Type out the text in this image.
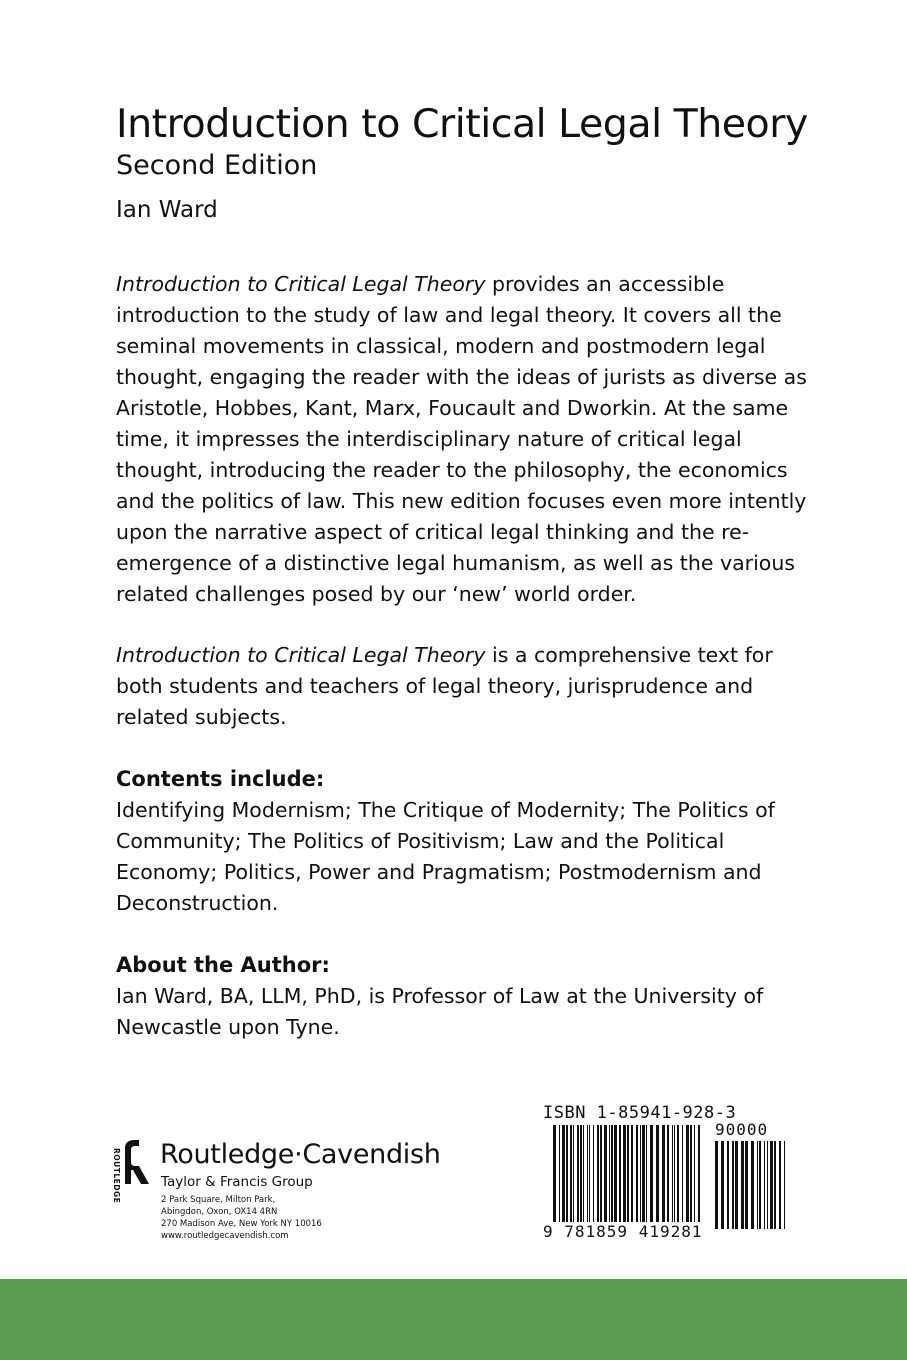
Introduction to Critical Legal Theory
Second Edition
Ian Ward

Introduction to Critical Legal Theory provides an accessible introduction to the study of law and legal theory. It covers all the seminal movements in classical, modern and postmodern legal thought, engaging the reader with the ideas of jurists as diverse as Aristotle, Hobbes, Kant, Marx, Foucault and Dworkin. At the same time, it impresses the interdisciplinary nature of critical legal thought, introducing the reader to the philosophy, the economics and the politics of law. This new edition focuses even more intently upon the narrative aspect of critical legal thinking and the re-emergence of a distinctive legal humanism, as well as the various related challenges posed by our ‘new’ world order.

Introduction to Critical Legal Theory is a comprehensive text for both students and teachers of legal theory, jurisprudence and related subjects.

Contents include:
Identifying Modernism; The Critique of Modernity; The Politics of Community; The Politics of Positivism; Law and the Political Economy; Politics, Power and Pragmatism; Postmodernism and Deconstruction.
About the Author:
Ian Ward, BA, LLM, PhD, is Professor of Law at the University of Newcastle upon Tyne.
ROUTLEDGE Routledge·Cavendish
Taylor & Francis Group
2 Park Square, Milton Park,
Abingdon, Oxon, OX14 4RN
270 Madison Ave, New York NY 10016
www.routledgecavendish.com
ISBN 1-85941-928-3
90000
9 781859 419281
